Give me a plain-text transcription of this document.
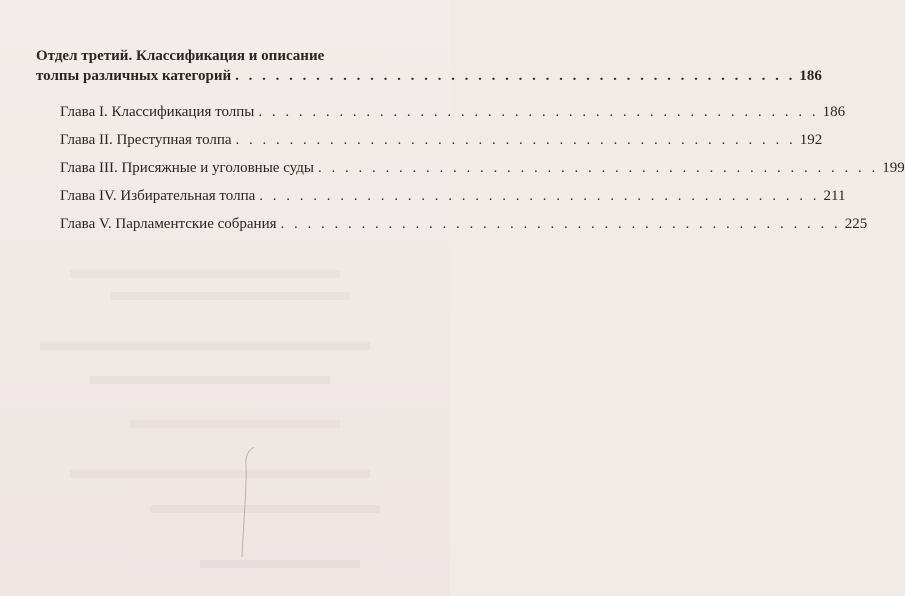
Отдел третий. Классификация и описание
толпы различных категорий . . . . . . . . . . . . . . . . . . . . . . . . . . . . . . . . . . . . . . . . . . 186
Глава I. Классификация толпы . . . . . . . . . . . . . . . . . . . . . . . . . . . . . . . . . . . . . . . . . . 186
Глава II. Преступная толпа . . . . . . . . . . . . . . . . . . . . . . . . . . . . . . . . . . . . . . . . . . 192
Глава III. Присяжные и уголовные суды . . . . . . . . . . . . . . . . . . . . . . . . . . . . . . . . . . . . . . . . . . 199
Глава IV. Избирательная толпа . . . . . . . . . . . . . . . . . . . . . . . . . . . . . . . . . . . . . . . . . . 211
Глава V. Парламентские собрания . . . . . . . . . . . . . . . . . . . . . . . . . . . . . . . . . . . . . . . . . . 225
